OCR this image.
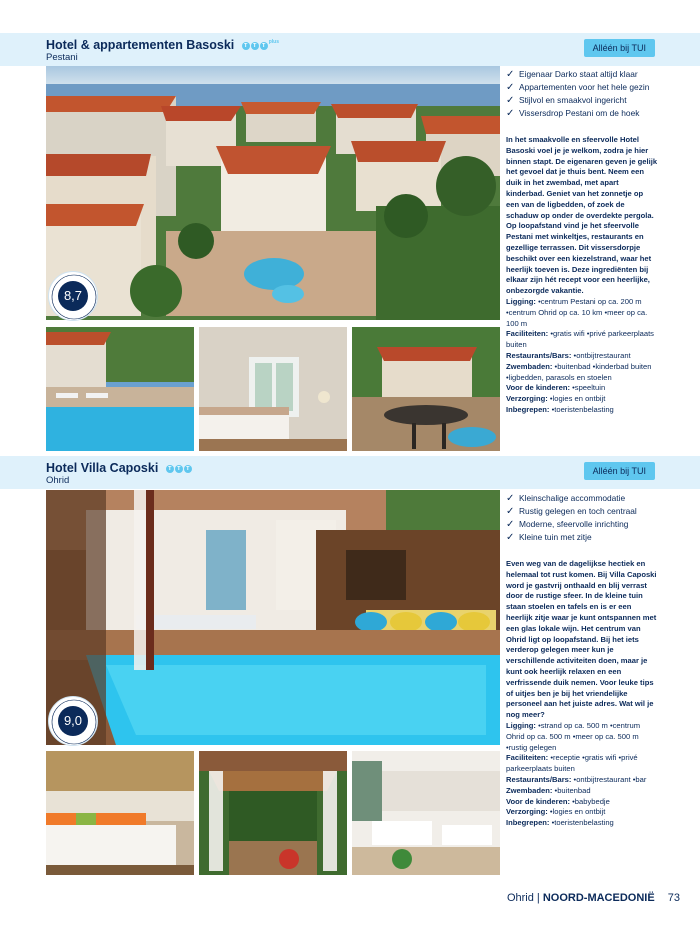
Hotel & appartementen Basoski	T	T	T
$^{plus}$
Pestani
Alléén bij TUI
8,7
✓ Eigenaar Darko staat altijd klaar
✓ Appartementen voor het hele gezin
✓ Stijlvol en smaakvol ingericht
✓ Vissersdrop Pestani om de hoek
In het smaakvolle en sfeervolle Hotel Basoski voel je je welkom, zodra je hier binnen stapt. De eigenaren geven je gelijk het gevoel dat je thuis bent. Neem een duik in het zwembad, met apart kinderbad. Geniet van het zonnetje op een van de ligbedden, of zoek de schaduw op onder de overdekte pergola. Op loopafstand vind je het sfeervolle Pestani met winkeltjes, restaurants en gezellige terrassen. Dit vissersdorpje beschikt over een kiezelstrand, waar het heerlijk toeven is. Deze ingrediënten bij elkaar zijn hét recept voor een heerlijke, onbezorgde vakantie.
Ligging: •centrum Pestani op ca. 200 m •centrum Ohrid op ca. 10 km •meer op ca. 100 m
Faciliteiten: •gratis wifi •privé parkeerplaats buiten
Restaurants/Bars: •ontbijtrestaurant
Zwembaden: •buitenbad •kinderbad buiten •ligbedden, parasols en stoelen
Voor de kinderen: •speeltuin
Verzorging: •logies en ontbijt
Inbegrepen: •toeristenbelasting
Hotel Villa Caposki	T	T	T
Ohrid
Alléén bij TUI
9,0
✓ Kleinschalige accommodatie
✓ Rustig gelegen en toch centraal
✓ Moderne, sfeervolle inrichting
✓ Kleine tuin met zitje
Even weg van de dagelijkse hectiek en helemaal tot rust komen. Bij Villa Caposki word je gastvrij onthaald en blij verrast door de rustige sfeer. In de kleine tuin staan stoelen en tafels en is er een heerlijk zitje waar je kunt ontspannen met een glas lokale wijn. Het centrum van Ohrid ligt op loopafstand. Bij het iets verderop gelegen meer kun je verschillende activiteiten doen, maar je kunt ook heerlijk relaxen en een verfrissende duik nemen. Voor leuke tips of uitjes ben je bij het vriendelijke personeel aan het juiste adres. Wat wil je nog meer?
Ligging: •strand op ca. 500 m •centrum Ohrid op ca. 500 m •meer op ca. 500 m •rustig gelegen
Faciliteiten: •receptie •gratis wifi •privé parkeerplaats buiten
Restaurants/Bars: •ontbijtrestaurant •bar
Zwembaden: •buitenbad
Voor de kinderen: •babybedje
Verzorging: •logies en ontbijt
Inbegrepen: •toeristenbelasting
Ohrid | NOORD-MACEDONIË 73
